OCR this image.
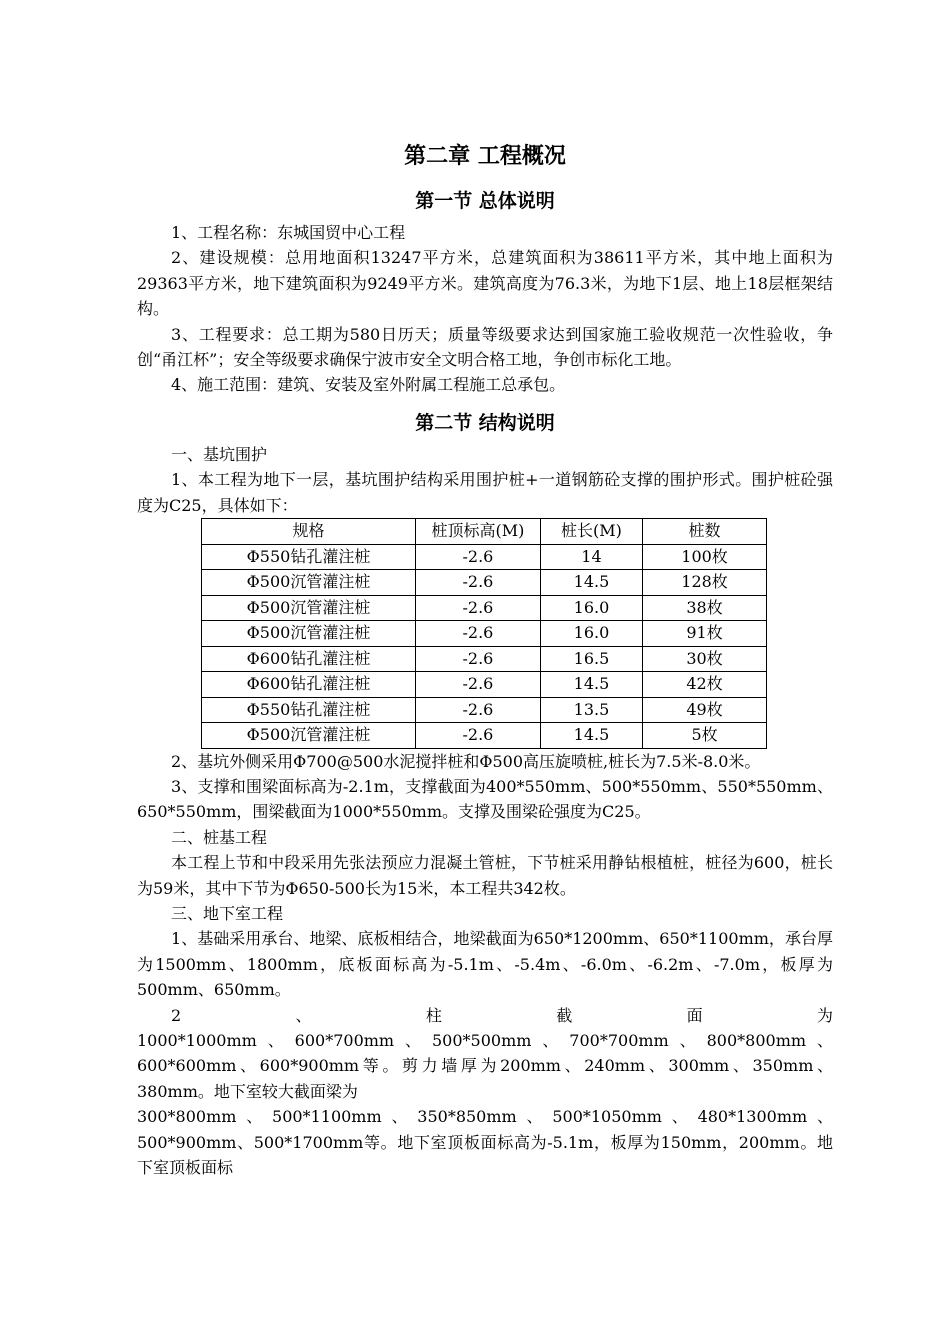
第二章 工程概况
第一节 总体说明

1、工程名称：东城国贸中心工程

2、建设规模：总用地面积13247平方米，总建筑面积为38611平方米，其中地上面积为29363平方米，地下建筑面积为9249平方米。建筑高度为76.3米，为地下1层、地上18层框架结构。

3、工程要求：总工期为580日历天；质量等级要求达到国家施工验收规范一次性验收，争创“甬江杯”；安全等级要求确保宁波市安全文明合格工地，争创市标化工地。

4、施工范围：建筑、安装及室外附属工程施工总承包。

第二节 结构说明

一、基坑围护

1、本工程为地下一层，基坑围护结构采用围护桩+一道钢筋砼支撑的围护形式。围护桩砼强度为C25，具体如下：

规格	桩顶标高(M)	桩长(M)	桩数
Φ550钻孔灌注桩	-2.6	14	100枚
Φ500沉管灌注桩	-2.6	14.5	128枚
Φ500沉管灌注桩	-2.6	16.0	38枚
Φ500沉管灌注桩	-2.6	16.0	91枚
Φ600钻孔灌注桩	-2.6	16.5	30枚
Φ600钻孔灌注桩	-2.6	14.5	42枚
Φ550钻孔灌注桩	-2.6	13.5	49枚
Φ500沉管灌注桩	-2.6	14.5	5枚

2、基坑外侧采用Φ700@500水泥搅拌桩和Φ500高压旋喷桩,桩长为7.5米-8.0米。

3、支撑和围梁面标高为-2.1m，支撑截面为400*550mm、500*550mm、550*550mm、650*550mm，围梁截面为1000*550mm。支撑及围梁砼强度为C25。

二、桩基工程

本工程上节和中段采用先张法预应力混凝土管桩，下节桩采用静钻根植桩，桩径为600，桩长为59米，其中下节为Φ650-500长为15米，本工程共342枚。

三、地下室工程

1、基础采用承台、地梁、底板相结合，地梁截面为650*1200mm、650*1100mm，承台厚为1500mm、1800mm，底板面标高为-5.1m、-5.4m、-6.0m、-6.2m、-7.0m，板厚为500mm、650mm。

2、柱截面为

1000*1000mm、600*700mm、500*500mm、700*700mm、800*800mm、600*600mm、600*900mm等。剪力墙厚为200mm、240mm、300mm、350mm、380mm。地下室较大截面梁为

300*800mm、500*1100mm、350*850mm、500*1050mm、480*1300mm、500*900mm、500*1700mm等。地下室顶板面标高为-5.1m，板厚为150mm，200mm。地下室顶板面标
